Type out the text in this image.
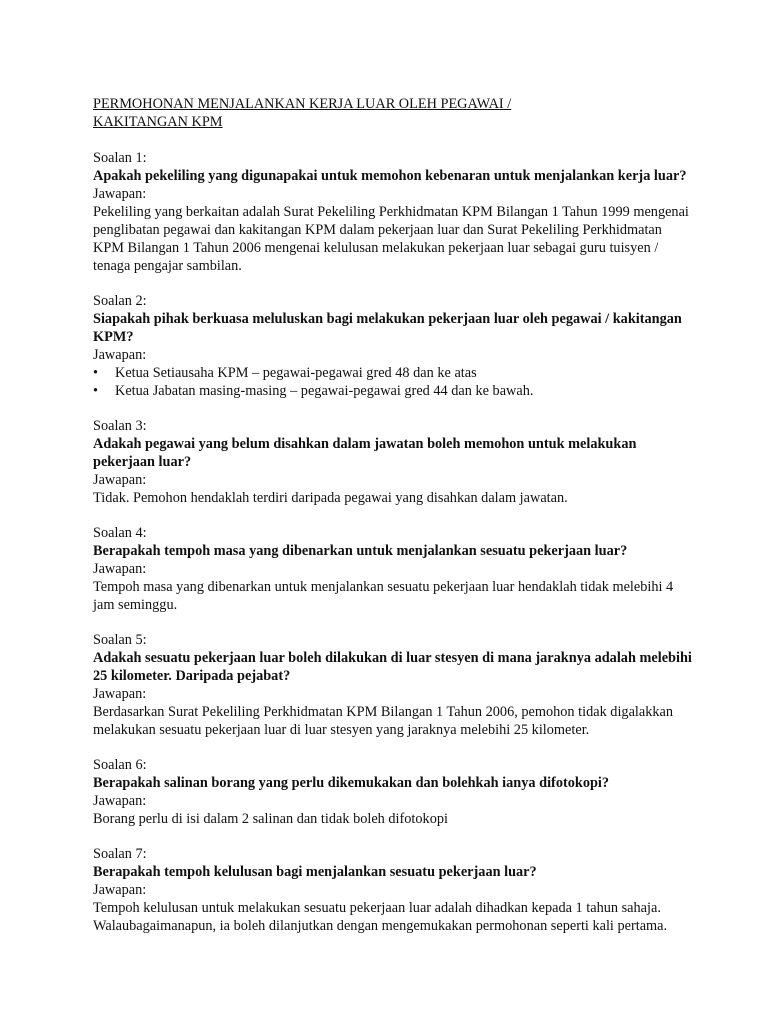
PERMOHONAN MENJALANKAN KERJA LUAR OLEH PEGAWAI /
KAKITANGAN KPM
Soalan 1:
Apakah pekeliling yang digunapakai untuk memohon kebenaran untuk menjalankan kerja luar?
Jawapan:
Pekeliling yang berkaitan adalah Surat Pekeliling Perkhidmatan KPM Bilangan 1 Tahun 1999 mengenai penglibatan pegawai dan kakitangan KPM dalam pekerjaan luar dan Surat Pekeliling Perkhidmatan KPM Bilangan 1 Tahun 2006 mengenai kelulusan melakukan pekerjaan luar sebagai guru tuisyen / tenaga pengajar sambilan.
Soalan 2:
Siapakah pihak berkuasa meluluskan bagi melakukan pekerjaan luar oleh pegawai / kakitangan KPM?
Jawapan:
• Ketua Setiausaha KPM – pegawai-pegawai gred 48 dan ke atas
• Ketua Jabatan masing-masing – pegawai-pegawai gred 44 dan ke bawah.
Soalan 3:
Adakah pegawai yang belum disahkan dalam jawatan boleh memohon untuk melakukan pekerjaan luar?
Jawapan:
Tidak. Pemohon hendaklah terdiri daripada pegawai yang disahkan dalam jawatan.
Soalan 4:
Berapakah tempoh masa yang dibenarkan untuk menjalankan sesuatu pekerjaan luar?
Jawapan:
Tempoh masa yang dibenarkan untuk menjalankan sesuatu pekerjaan luar hendaklah tidak melebihi 4 jam seminggu.
Soalan 5:
Adakah sesuatu pekerjaan luar boleh dilakukan di luar stesyen di mana jaraknya adalah melebihi 25 kilometer. Daripada pejabat?
Jawapan:
Berdasarkan Surat Pekeliling Perkhidmatan KPM Bilangan 1 Tahun 2006, pemohon tidak digalakkan melakukan sesuatu pekerjaan luar di luar stesyen yang jaraknya melebihi 25 kilometer.
Soalan 6:
Berapakah salinan borang yang perlu dikemukakan dan bolehkah ianya difotokopi?
Jawapan:
Borang perlu di isi dalam 2 salinan dan tidak boleh difotokopi
Soalan 7:
Berapakah tempoh kelulusan bagi menjalankan sesuatu pekerjaan luar?
Jawapan:
Tempoh kelulusan untuk melakukan sesuatu pekerjaan luar adalah dihadkan kepada 1 tahun sahaja. Walaubagaimanapun, ia boleh dilanjutkan dengan mengemukakan permohonan seperti kali pertama.
